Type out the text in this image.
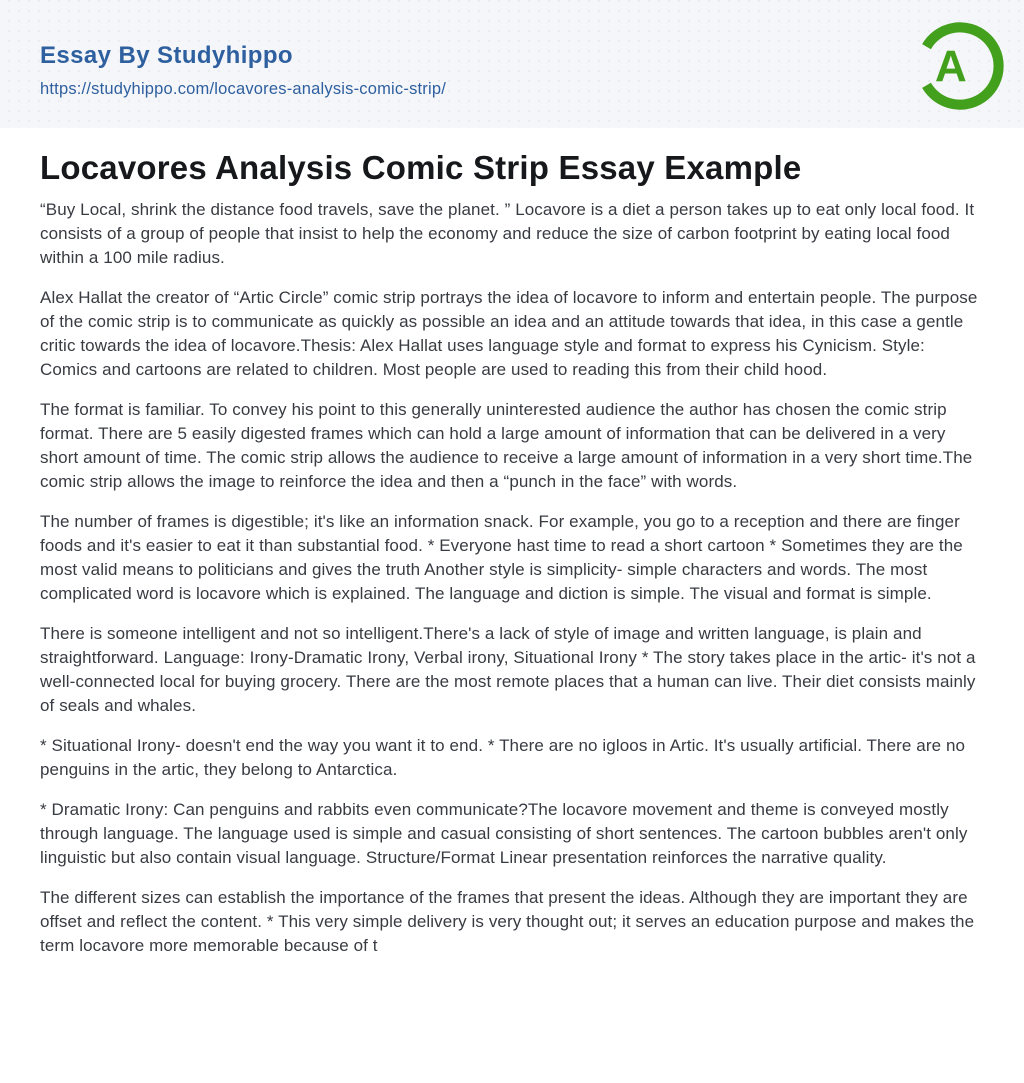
Essay By Studyhippo
https://studyhippo.com/locavores-analysis-comic-strip/	A
Locavores Analysis Comic Strip Essay Example

“Buy Local, shrink the distance food travels, save the planet. ” Locavore is a diet a person takes up to eat only local food. It consists of a group of people that insist to help the economy and reduce the size of carbon footprint by eating local food within a 100 mile radius.

Alex Hallat the creator of “Artic Circle” comic strip portrays the idea of locavore to inform and entertain people. The purpose of the comic strip is to communicate as quickly as possible an idea and an attitude towards that idea, in this case a gentle critic towards the idea of locavore.Thesis: Alex Hallat uses language style and format to express his Cynicism. Style: Comics and cartoons are related to children. Most people are used to reading this from their child hood.

The format is familiar. To convey his point to this generally uninterested audience the author has chosen the comic strip format. There are 5 easily digested frames which can hold a large amount of information that can be delivered in a very short amount of time. The comic strip allows the audience to receive a large amount of information in a very short time.The comic strip allows the image to reinforce the idea and then a “punch in the face” with words.

The number of frames is digestible; it's like an information snack. For example, you go to a reception and there are finger foods and it's easier to eat it than substantial food. * Everyone hast time to read a short cartoon * Sometimes they are the most valid means to politicians and gives the truth Another style is simplicity- simple characters and words. The most complicated word is locavore which is explained. The language and diction is simple. The visual and format is simple.

There is someone intelligent and not so intelligent.There's a lack of style of image and written language, is plain and straightforward. Language: Irony-Dramatic Irony, Verbal irony, Situational Irony * The story takes place in the artic- it's not a well-connected local for buying grocery. There are the most remote places that a human can live. Their diet consists mainly of seals and whales.

* Situational Irony- doesn't end the way you want it to end. * There are no igloos in Artic. It's usually artificial. There are no penguins in the artic, they belong to Antarctica.

* Dramatic Irony: Can penguins and rabbits even communicate?The locavore movement and theme is conveyed mostly through language. The language used is simple and casual consisting of short sentences. The cartoon bubbles aren't only linguistic but also contain visual language. Structure/Format Linear presentation reinforces the narrative quality.

The different sizes can establish the importance of the frames that present the ideas. Although they are important they are offset and reflect the content. * This very simple delivery is very thought out; it serves an education purpose and makes the term locavore more memorable because of t
